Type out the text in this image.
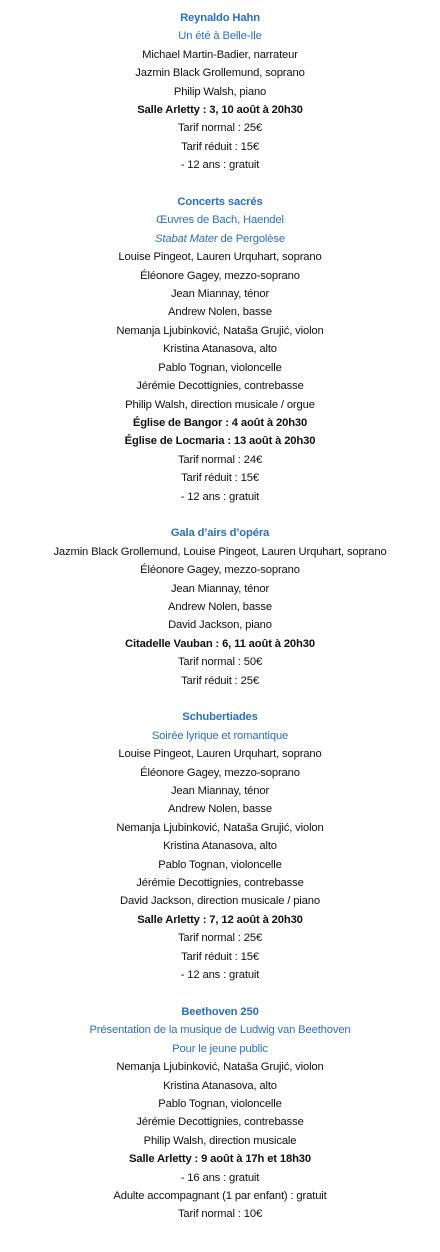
Reynaldo Hahn
Un été à Belle-Ile
Michael Martin-Badier, narrateur
Jazmin Black Grollemund, soprano
Philip Walsh, piano
Salle Arletty : 3, 10 août à 20h30
Tarif normal : 25€
Tarif réduit : 15€
- 12 ans : gratuit
Concerts sacrés
Œuvres de Bach, Haendel
Stabat Mater de Pergolèse
Louise Pingeot, Lauren Urquhart, soprano
Éléonore Gagey, mezzo-soprano
Jean Miannay, ténor
Andrew Nolen, basse
Nemanja Ljubinković, Nataša Grujić, violon
Kristina Atanasova, alto
Pablo Tognan, violoncelle
Jérémie Decottignies, contrebasse
Philip Walsh, direction musicale / orgue
Église de Bangor : 4 août à 20h30
Église de Locmaria : 13 août à 20h30
Tarif normal : 24€
Tarif réduit : 15€
- 12 ans : gratuit
Gala d’airs d’opéra
Jazmin Black Grollemund, Louise Pingeot, Lauren Urquhart, soprano
Éléonore Gagey, mezzo-soprano
Jean Miannay, ténor
Andrew Nolen, basse
David Jackson, piano
Citadelle Vauban : 6, 11 août à 20h30
Tarif normal : 50€
Tarif réduit : 25€
Schubertiades
Soirée lyrique et romantique
Louise Pingeot, Lauren Urquhart, soprano
Éléonore Gagey, mezzo-soprano
Jean Miannay, ténor
Andrew Nolen, basse
Nemanja Ljubinković, Nataša Grujić, violon
Kristina Atanasova, alto
Pablo Tognan, violoncelle
Jérémie Decottignies, contrebasse
David Jackson, direction musicale / piano
Salle Arletty : 7, 12 août à 20h30
Tarif normal : 25€
Tarif réduit : 15€
- 12 ans : gratuit
Beethoven 250
Présentation de la musique de Ludwig van Beethoven
Pour le jeune public
Nemanja Ljubinković, Nataša Grujić, violon
Kristina Atanasova, alto
Pablo Tognan, violoncelle
Jérémie Decottignies, contrebasse
Philip Walsh, direction musicale
Salle Arletty : 9 août à 17h et 18h30
- 16 ans : gratuit
Adulte accompagnant (1 par enfant) : gratuit
Tarif normal : 10€
